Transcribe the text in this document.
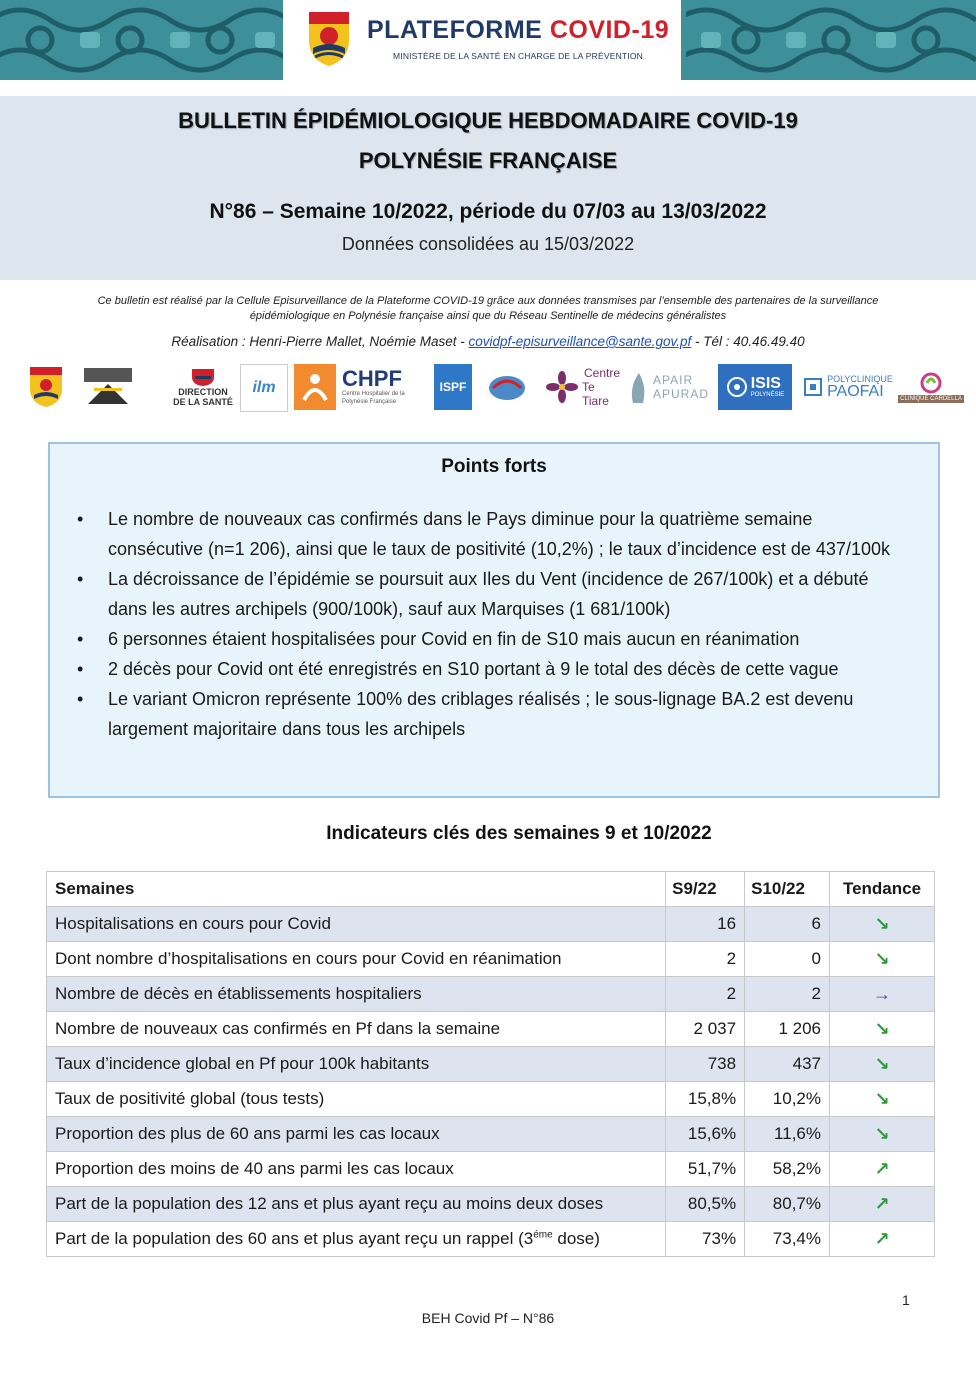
PLATEFORME COVID-19
MINISTÈRE DE LA SANTÉ EN CHARGE DE LA PRÉVENTION
BULLETIN ÉPIDÉMIOLOGIQUE HEBDOMADAIRE COVID-19
POLYNÉSIE FRANÇAISE
N°86 – Semaine 10/2022, période du 07/03 au 13/03/2022
Données consolidées au 15/03/2022
Ce bulletin est réalisé par la Cellule Episurveillance de la Plateforme COVID-19 grâce aux données transmises par l’ensemble des partenaires de la surveillance épidémiologique en Polynésie française ainsi que du Réseau Sentinelle de médecins généralistes
Réalisation : Henri-Pierre Mallet, Noémie Maset - covidpf-episurveillance@sante.gov.pf - Tél : 40.46.49.40
DIRECTION
DE LA SANTÉ
ilm	CHPF
Centre Hospitalier de la Polynésie Française
ISPF
Centre
Te Tiare
APAIR
APURAD
ISIS
POLYNÉSIE
POLYCLINIQUE
PAOFAI	CLINIQUE CARDELLA
Points forts
• Le nombre de nouveaux cas confirmés dans le Pays diminue pour la quatrième semaine consécutive (n=1 206), ainsi que le taux de positivité (10,2%) ; le taux d’incidence est de 437/100k
• La décroissance de l’épidémie se poursuit aux Iles du Vent (incidence de 267/100k) et a débuté dans les autres archipels (900/100k), sauf aux Marquises (1 681/100k)
• 6 personnes étaient hospitalisées pour Covid en fin de S10 mais aucun en réanimation
• 2 décès pour Covid ont été enregistrés en S10 portant à 9 le total des décès de cette vague
• Le variant Omicron représente 100% des criblages réalisés ; le sous-lignage BA.2 est devenu largement majoritaire dans tous les archipels
Indicateurs clés des semaines 9 et 10/2022
Semaines	S9/22	S10/22	Tendance
Hospitalisations en cours pour Covid	16	6	↘
Dont nombre d’hospitalisations en cours pour Covid en réanimation	2	0	↘
Nombre de décès en établissements hospitaliers	2	2	→
Nombre de nouveaux cas confirmés en Pf dans la semaine	2 037	1 206	↘
Taux d’incidence global en Pf pour 100k habitants	738	437	↘
Taux de positivité global (tous tests)	15,8%	10,2%	↘
Proportion des plus de 60 ans parmi les cas locaux	15,6%	11,6%	↘
Proportion des moins de 40 ans parmi les cas locaux	51,7%	58,2%	↗
Part de la population des 12 ans et plus ayant reçu au moins deux doses	80,5%	80,7%	↗
Part de la population des 60 ans et plus ayant reçu un rappel ($3^{éme}$ dose)	73%	73,4%	↗
1
BEH Covid Pf – N°86
